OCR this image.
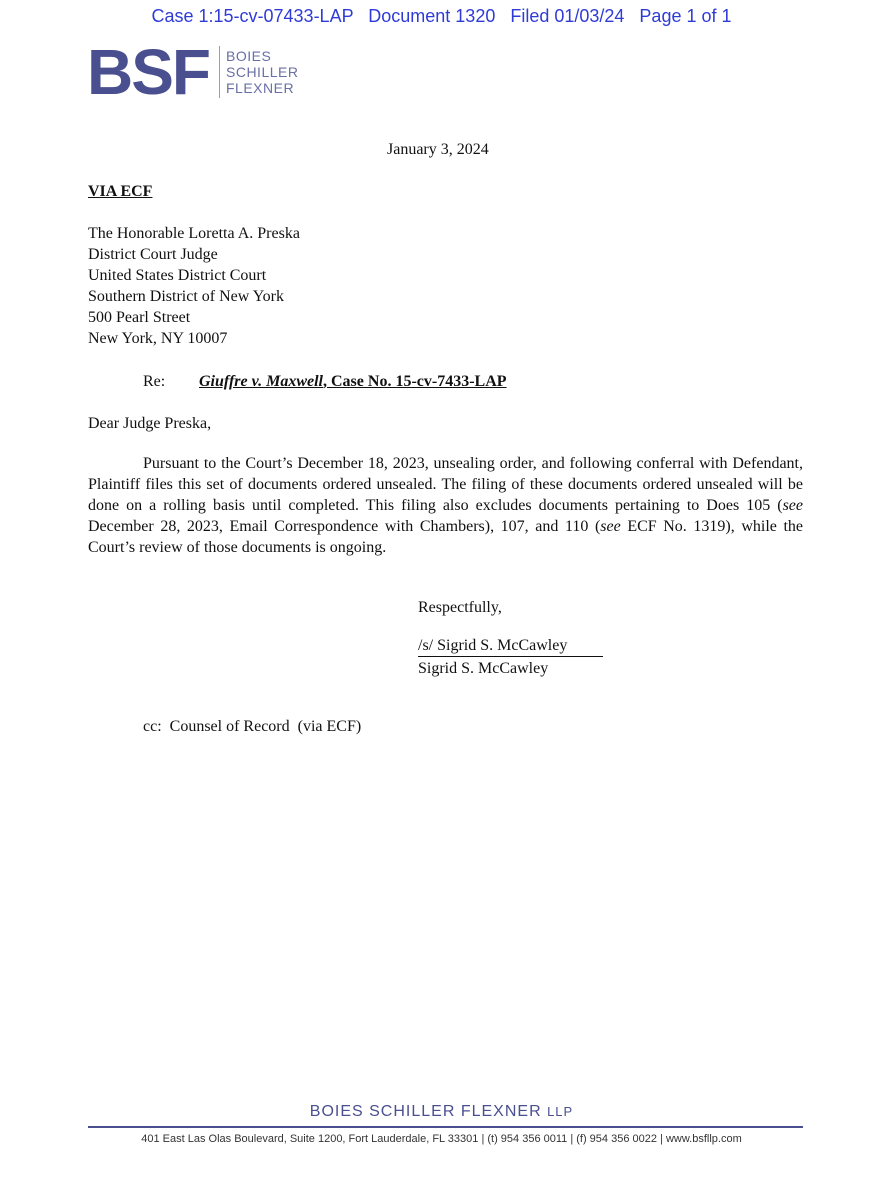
Case 1:15-cv-07433-LAP   Document 1320   Filed 01/03/24   Page 1 of 1
BSF BOIES
SCHILLER
FLEXNER
January 3, 2024
VIA ECF
The Honorable Loretta A. Preska
District Court Judge
United States District Court
Southern District of New York
500 Pearl Street
New York, NY 10007
Re: Giuffre v. Maxwell, Case No. 15-cv-7433-LAP
Dear Judge Preska,
Pursuant to the Court’s December 18, 2023, unsealing order, and following conferral with Defendant, Plaintiff files this set of documents ordered unsealed. The filing of these documents ordered unsealed will be done on a rolling basis until completed. This filing also excludes documents pertaining to Does 105 (see December 28, 2023, Email Correspondence with Chambers), 107, and 110 (see ECF No. 1319), while the Court’s review of those documents is ongoing.
Respectfully,
/s/ Sigrid S. McCawley
Sigrid S. McCawley
cc:  Counsel of Record  (via ECF)
BOIES SCHILLER FLEXNER LLP
401 East Las Olas Boulevard, Suite 1200, Fort Lauderdale, FL 33301 | (t) 954 356 0011 | (f) 954 356 0022 | www.bsfllp.com
